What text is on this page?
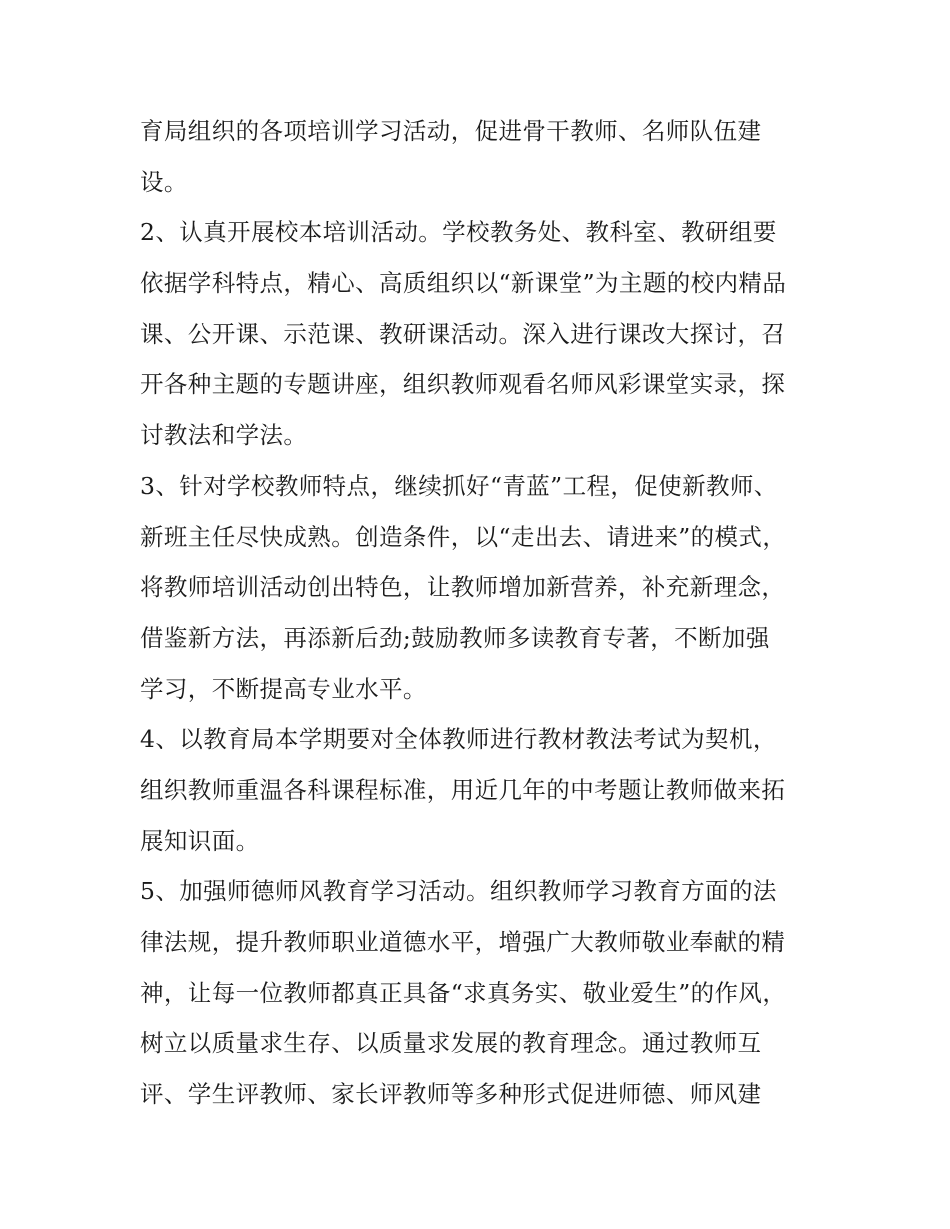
育局组织的各项培训学习活动，促进骨干教师、名师队伍建
设。
2、认真开展校本培训活动。学校教务处、教科室、教研组要
依据学科特点，精心、高质组织以“新课堂”为主题的校内精品
课、公开课、示范课、教研课活动。深入进行课改大探讨，召
开各种主题的专题讲座，组织教师观看名师风彩课堂实录，探
讨教法和学法。
3、针对学校教师特点，继续抓好“青蓝”工程，促使新教师、
新班主任尽快成熟。创造条件，以“走出去、请进来”的模式，
将教师培训活动创出特色，让教师增加新营养，补充新理念，
借鉴新方法，再添新后劲;鼓励教师多读教育专著，不断加强
学习，不断提高专业水平。
4、以教育局本学期要对全体教师进行教材教法考试为契机，
组织教师重温各科课程标准，用近几年的中考题让教师做来拓
展知识面。
5、加强师德师风教育学习活动。组织教师学习教育方面的法
律法规，提升教师职业道德水平，增强广大教师敬业奉献的精
神，让每一位教师都真正具备“求真务实、敬业爱生”的作风，
树立以质量求生存、以质量求发展的教育理念。通过教师互
评、学生评教师、家长评教师等多种形式促进师德、师风建
